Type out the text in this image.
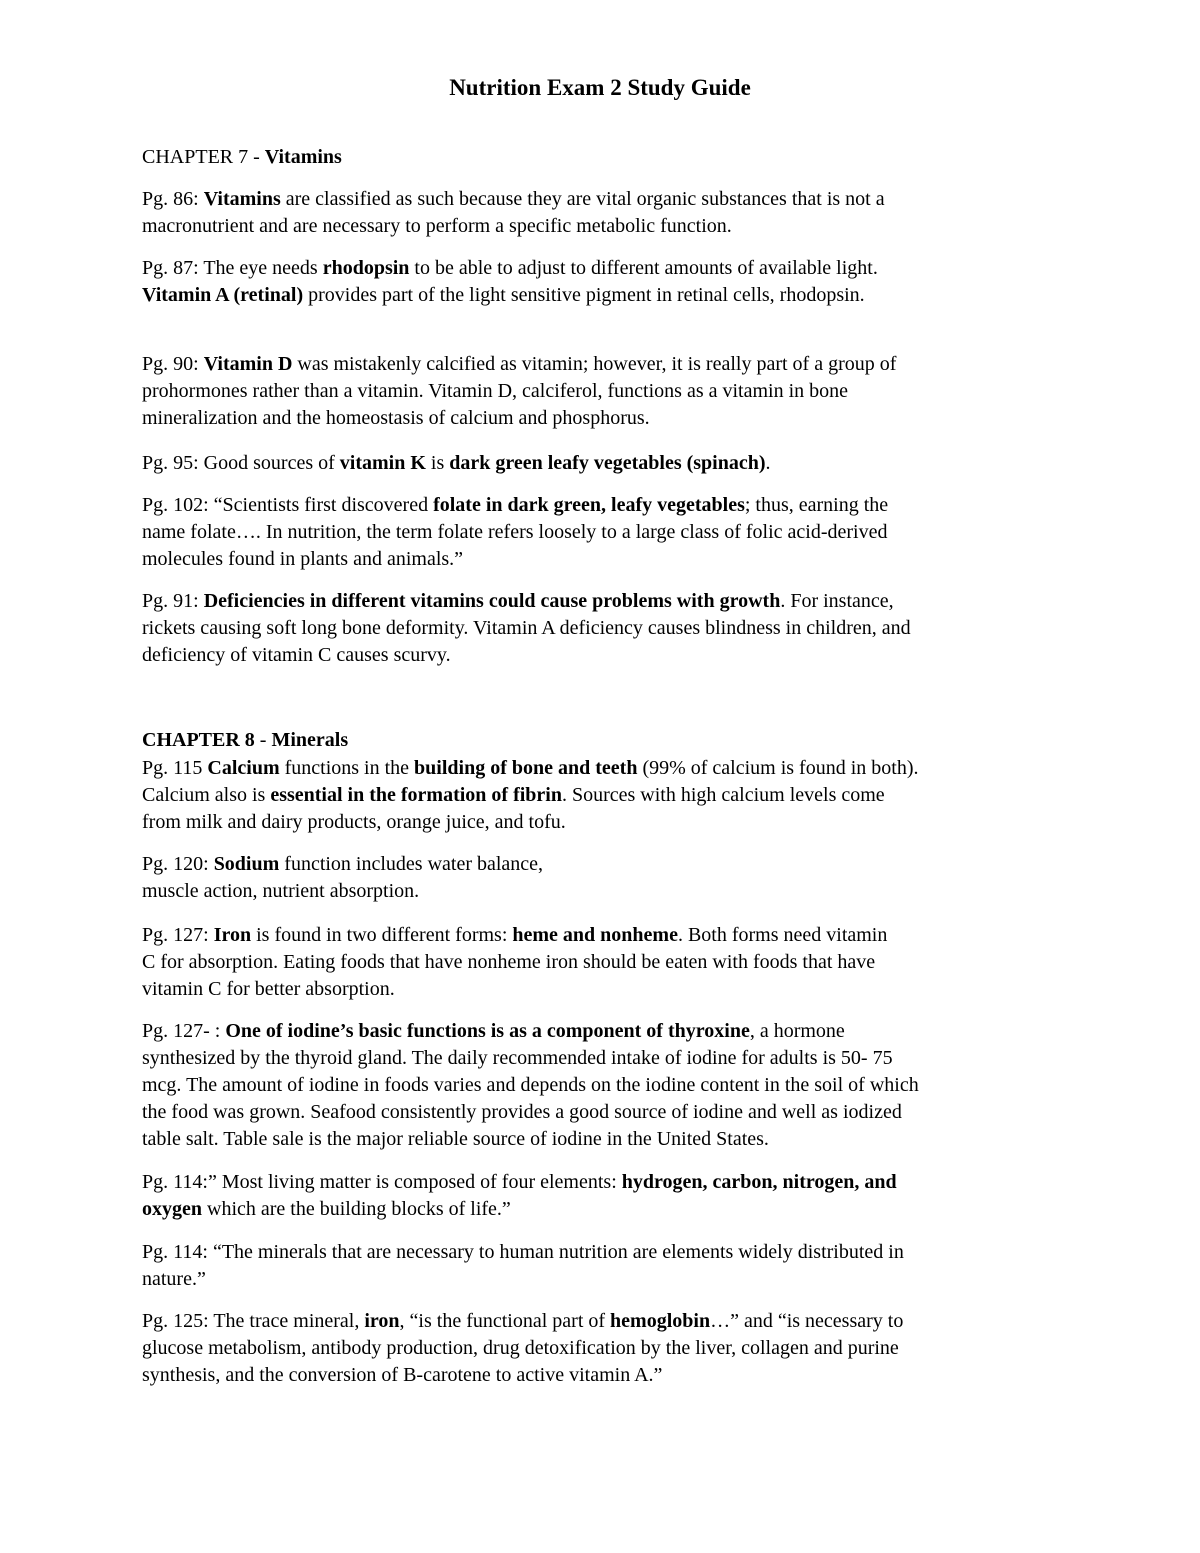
Nutrition Exam 2 Study Guide
CHAPTER 7 - Vitamins
Pg. 86: Vitamins are classified as such because they are vital organic substances that is not a
macronutrient and are necessary to perform a specific metabolic function.
Pg. 87: The eye needs rhodopsin to be able to adjust to different amounts of available light.
Vitamin A (retinal) provides part of the light sensitive pigment in retinal cells, rhodopsin.
Pg. 90: Vitamin D was mistakenly calcified as vitamin; however, it is really part of a group of
prohormones rather than a vitamin. Vitamin D, calciferol, functions as a vitamin in bone
mineralization and the homeostasis of calcium and phosphorus.
Pg. 95: Good sources of vitamin K is dark green leafy vegetables (spinach).
Pg. 102: “Scientists first discovered folate in dark green, leafy vegetables; thus, earning the
name folate…. In nutrition, the term folate refers loosely to a large class of folic acid-derived
molecules found in plants and animals.”
Pg. 91: Deficiencies in different vitamins could cause problems with growth. For instance,
rickets causing soft long bone deformity. Vitamin A deficiency causes blindness in children, and
deficiency of vitamin C causes scurvy.
CHAPTER 8 - Minerals
Pg. 115 Calcium functions in the building of bone and teeth (99% of calcium is found in both).
Calcium also is essential in the formation of fibrin. Sources with high calcium levels come
from milk and dairy products, orange juice, and tofu.
Pg. 120: Sodium function includes water balance,
muscle action, nutrient absorption.
Pg. 127: Iron is found in two different forms: heme and nonheme. Both forms need vitamin
C for absorption. Eating foods that have nonheme iron should be eaten with foods that have
vitamin C for better absorption.
Pg. 127- : One of iodine’s basic functions is as a component of thyroxine, a hormone
synthesized by the thyroid gland. The daily recommended intake of iodine for adults is 50- 75
mcg. The amount of iodine in foods varies and depends on the iodine content in the soil of which
the food was grown. Seafood consistently provides a good source of iodine and well as iodized
table salt. Table sale is the major reliable source of iodine in the United States.
Pg. 114:” Most living matter is composed of four elements: hydrogen, carbon, nitrogen, and
oxygen which are the building blocks of life.”
Pg. 114: “The minerals that are necessary to human nutrition are elements widely distributed in
nature.”
Pg. 125: The trace mineral, iron, “is the functional part of hemoglobin…” and “is necessary to
glucose metabolism, antibody production, drug detoxification by the liver, collagen and purine
synthesis, and the conversion of B-carotene to active vitamin A.”
